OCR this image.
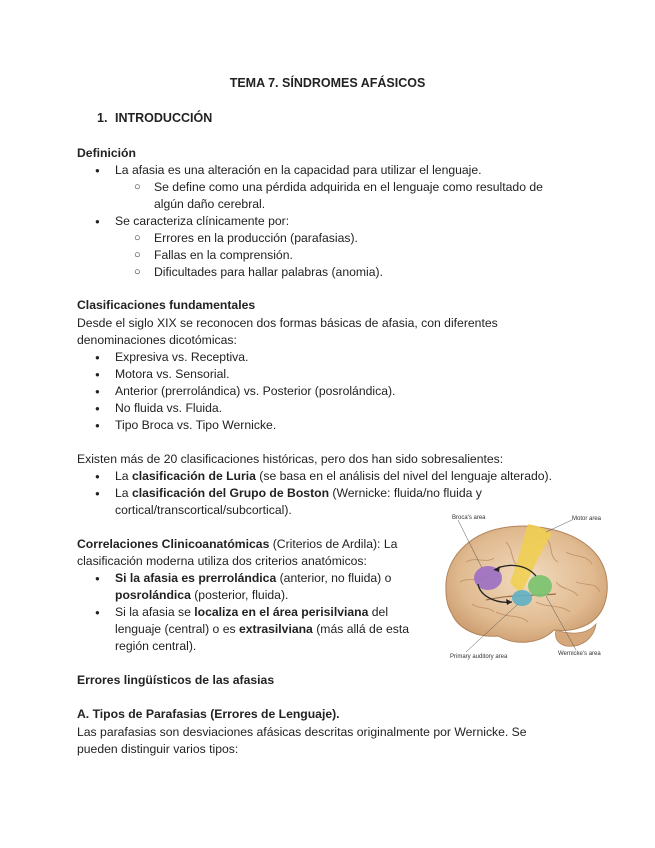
TEMA 7. SÍNDROMES AFÁSICOS
1. INTRODUCCIÓN
Definición
● La afasia es una alteración en la capacidad para utilizar el lenguaje.
○ Se define como una pérdida adquirida en el lenguaje como resultado de
algún daño cerebral.
● Se caracteriza clínicamente por:
○ Errores en la producción (parafasias).
○ Fallas en la comprensión.
○ Dificultades para hallar palabras (anomia).
Clasificaciones fundamentales
Desde el siglo XIX se reconocen dos formas básicas de afasia, con diferentes
denominaciones dicotómicas:
● Expresiva vs. Receptiva.
● Motora vs. Sensorial.
● Anterior (prerrolándica) vs. Posterior (posrolándica).
● No fluida vs. Fluida.
● Tipo Broca vs. Tipo Wernicke.
Existen más de 20 clasificaciones históricas, pero dos han sido sobresalientes:
● La clasificación de Luria (se basa en el análisis del nivel del lenguaje alterado).
● La clasificación del Grupo de Boston (Wernicke: fluida/no fluida y
cortical/transcortical/subcortical).
Correlaciones Clinicoanatómicas (Criterios de Ardila): La
clasificación moderna utiliza dos criterios anatómicos:
● Si la afasia es prerrolándica (anterior, no fluida) o
posrolándica (posterior, fluida).
● Si la afasia se localiza en el área perisilviana del
lenguaje (central) o es extrasilviana (más allá de esta
región central).
Broca's area	Motor area
Primary auditory area	Wernicke's area
Errores lingüísticos de las afasias
A. Tipos de Parafasias (Errores de Lenguaje).
Las parafasias son desviaciones afásicas descritas originalmente por Wernicke. Se
pueden distinguir varios tipos:
